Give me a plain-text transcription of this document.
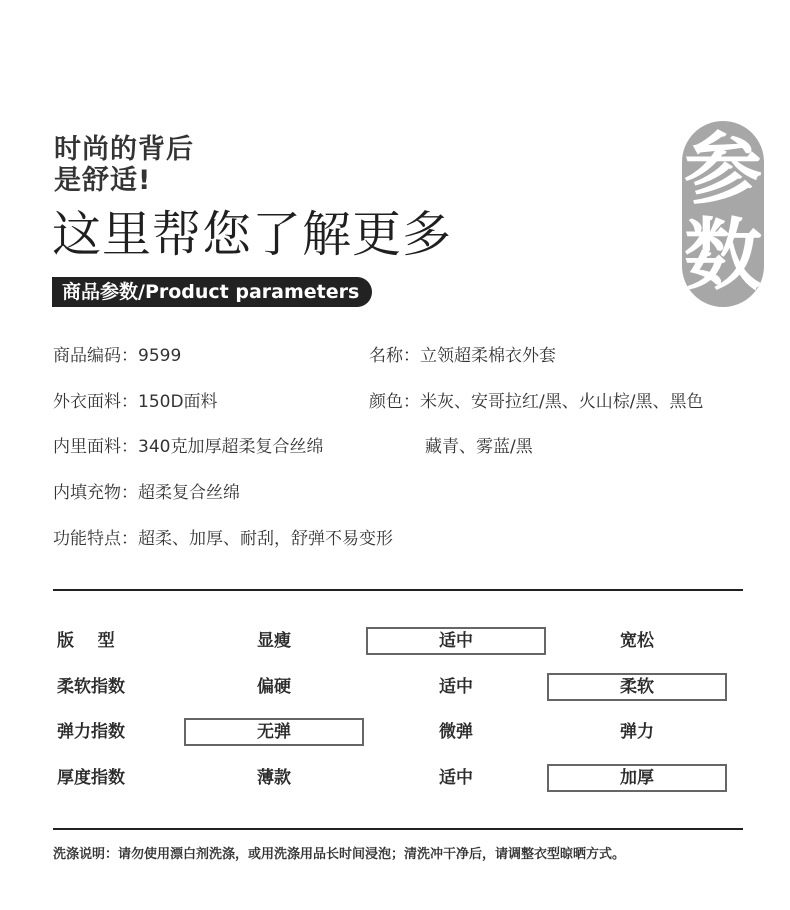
时尚的背后
是舒适!
这里帮您了解更多
商品参数/Product parameters
参
数
商品编码：9599	名称：立领超柔棉衣外套
外衣面料：150D面料	颜色：米灰、安哥拉红/黑、火山棕/黑、黑色
内里面料：340克加厚超柔复合丝绵	藏青、雾蓝/黑
内填充物：超柔复合丝绵
功能特点：超柔、加厚、耐刮，舒弹不易变形
版    型	显瘦	适中	宽松
柔软指数	偏硬	适中	柔软
弹力指数	无弹	微弹	弹力
厚度指数	薄款	适中	加厚
洗涤说明：请勿使用漂白剂洗涤，或用洗涤用品长时间浸泡；清洗冲干净后，请调整衣型晾晒方式。
